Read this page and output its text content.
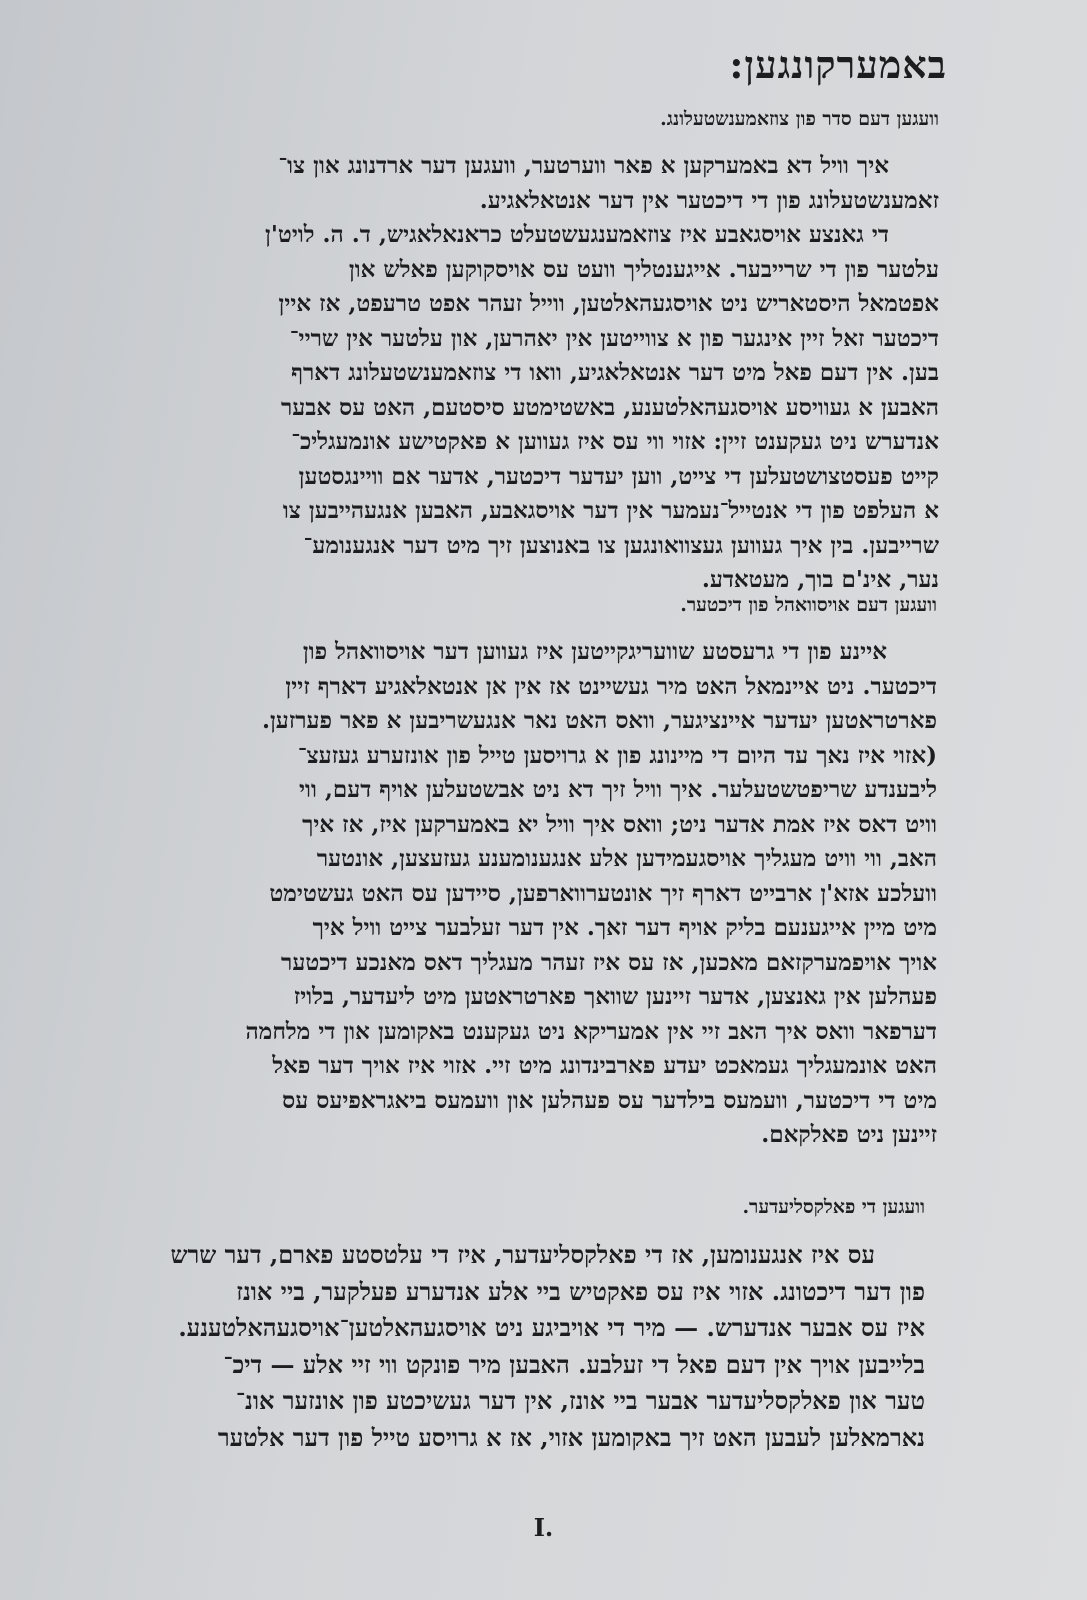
באמערקונגען:
וועגען דעם סדר פון צוזאמענשטעלונג.

איך וויל דא באמערקען א פאר ווערטער, וועגען דער ארדנונג און צו־
זאמענשטעלונג פון די דיכטער אין דער אנטאלאגיע.
די גאנצע אויסגאבע איז צוזאמענגעשטעלט כראנאלאגיש, ד. ה. לויט'ן
עלטער פון די שרייבער. אייגענטליך וועט עס אויסקוקען פאלש און
אפטמאל היסטאריש ניט אויסגעהאלטען, ווייל זעהר אפט טרעפט, אז איין
דיכטער זאל זיין אינגער פון א צווייטען אין יאהרען, און עלטער אין שריי־
בען. אין דעם פאל מיט דער אנטאלאגיע, וואו די צוזאמענשטעלונג דארף
האבען א געוויסע אויסגעהאלטענע, באשטימטע סיסטעם, האט עס אבער
אנדערש ניט געקענט זיין: אזוי ווי עס איז געווען א פאקטישע אונמעגליכ־
קייט פעסטצושטעלען די צייט, ווען יעדער דיכטער, אדער אם וויינגסטען
א העלפט פון די אנטייל־נעמער אין דער אויסגאבע, האבען אנגעהייבען צו
שרייבען. בין איך געווען געצוואונגען צו באנוצען זיך מיט דער אנגענומע־
נער, אינ'ם בוך, מעטאדע.

וועגען דעם אויסוואהל פון דיכטער.

איינע פון די גרעסטע שוועריגקייטען איז געווען דער אויסוואהל פון
דיכטער. ניט איינמאל האט מיר געשיינט אז אין אן אנטאלאגיע דארף זיין
פארטראטען יעדער איינציגער, וואס האט נאר אנגעשריבען א פאר פערזען.
(אזוי איז נאך עד היום די מיינונג פון א גרויסען טייל פון אונזערע געזעצ־
ליבענדע שריפטשטעלער. איך וויל זיך דא ניט אבשטעלען אויף דעם, ווי
וויט דאס איז אמת אדער ניט; וואס איך וויל יא באמערקען איז, אז איך
האב, ווי וויט מעגליך אויסגעמידען אלע אנגענומענע געזעצען, אונטער
וועלכע אזא'ן ארבייט דארף זיך אונטערווארפען, סיידען עס האט געשטימט
מיט מיין אייגענעם בליק אויף דער זאך. אין דער זעלבער צייט וויל איך
אויך אויפמערקזאם מאכען, אז עס איז זעהר מעגליך דאס מאנכע דיכטער
פעהלען אין גאנצען, אדער זיינען שוואך פארטראטען מיט ליעדער, בלויז
דערפאר וואס איך האב זיי אין אמעריקא ניט געקענט באקומען און די מלחמה
האט אונמעגליך געמאכט יעדע פארבינדונג מיט זיי. אזוי איז אויך דער פאל
מיט די דיכטער, וועמעס בילדער עס פעהלען און וועמעס ביאגראפיעס עס
זיינען ניט פאלקאם.

וועגען די פאלקסליעדער.

עס איז אנגענומען, אז די פאלקסליעדער, איז די עלטסטע פארם, דער שרש
פון דער דיכטונג. אזוי איז עס פאקטיש ביי אלע אנדערע פעלקער, ביי אונז
איז עס אבער אנדערש. — מיר די אויביגע ניט אויסגעהאלטען־אויסגעהאלטענע.
בלייבען אויך אין דעם פאל די זעלבע. האבען מיר פונקט ווי זיי אלע — דיכ־
טער און פאלקסליעדער אבער ביי אונז, אין דער געשיכטע פון אונזער אונ־
נארמאלען לעבען האט זיך באקומען אזוי, אז א גרויסע טייל פון דער אלטער

I.
